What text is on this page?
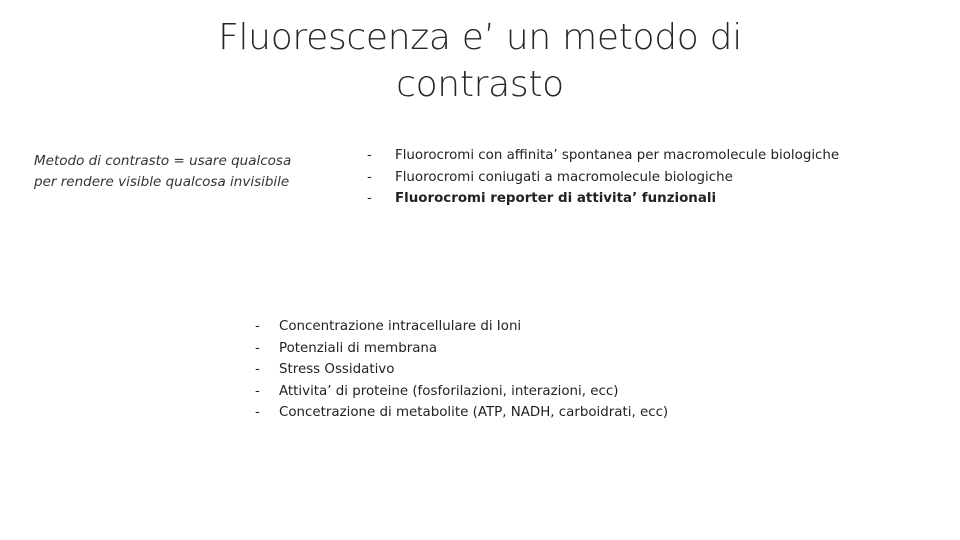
Fluorescenza e’ un metodo di
contrasto
Metodo di contrasto = usare qualcosa
per rendere visible qualcosa invisibile
- Fluorocromi con affinita’ spontanea per macromolecule biologiche
- Fluorocromi coniugati a macromolecule biologiche
- Fluorocromi reporter di attivita’ funzionali
- Concentrazione intracellulare di Ioni
- Potenziali di membrana
- Stress Ossidativo
- Attivita’ di proteine (fosforilazioni, interazioni, ecc)
- Concetrazione di metabolite (ATP, NADH, carboidrati, ecc)
